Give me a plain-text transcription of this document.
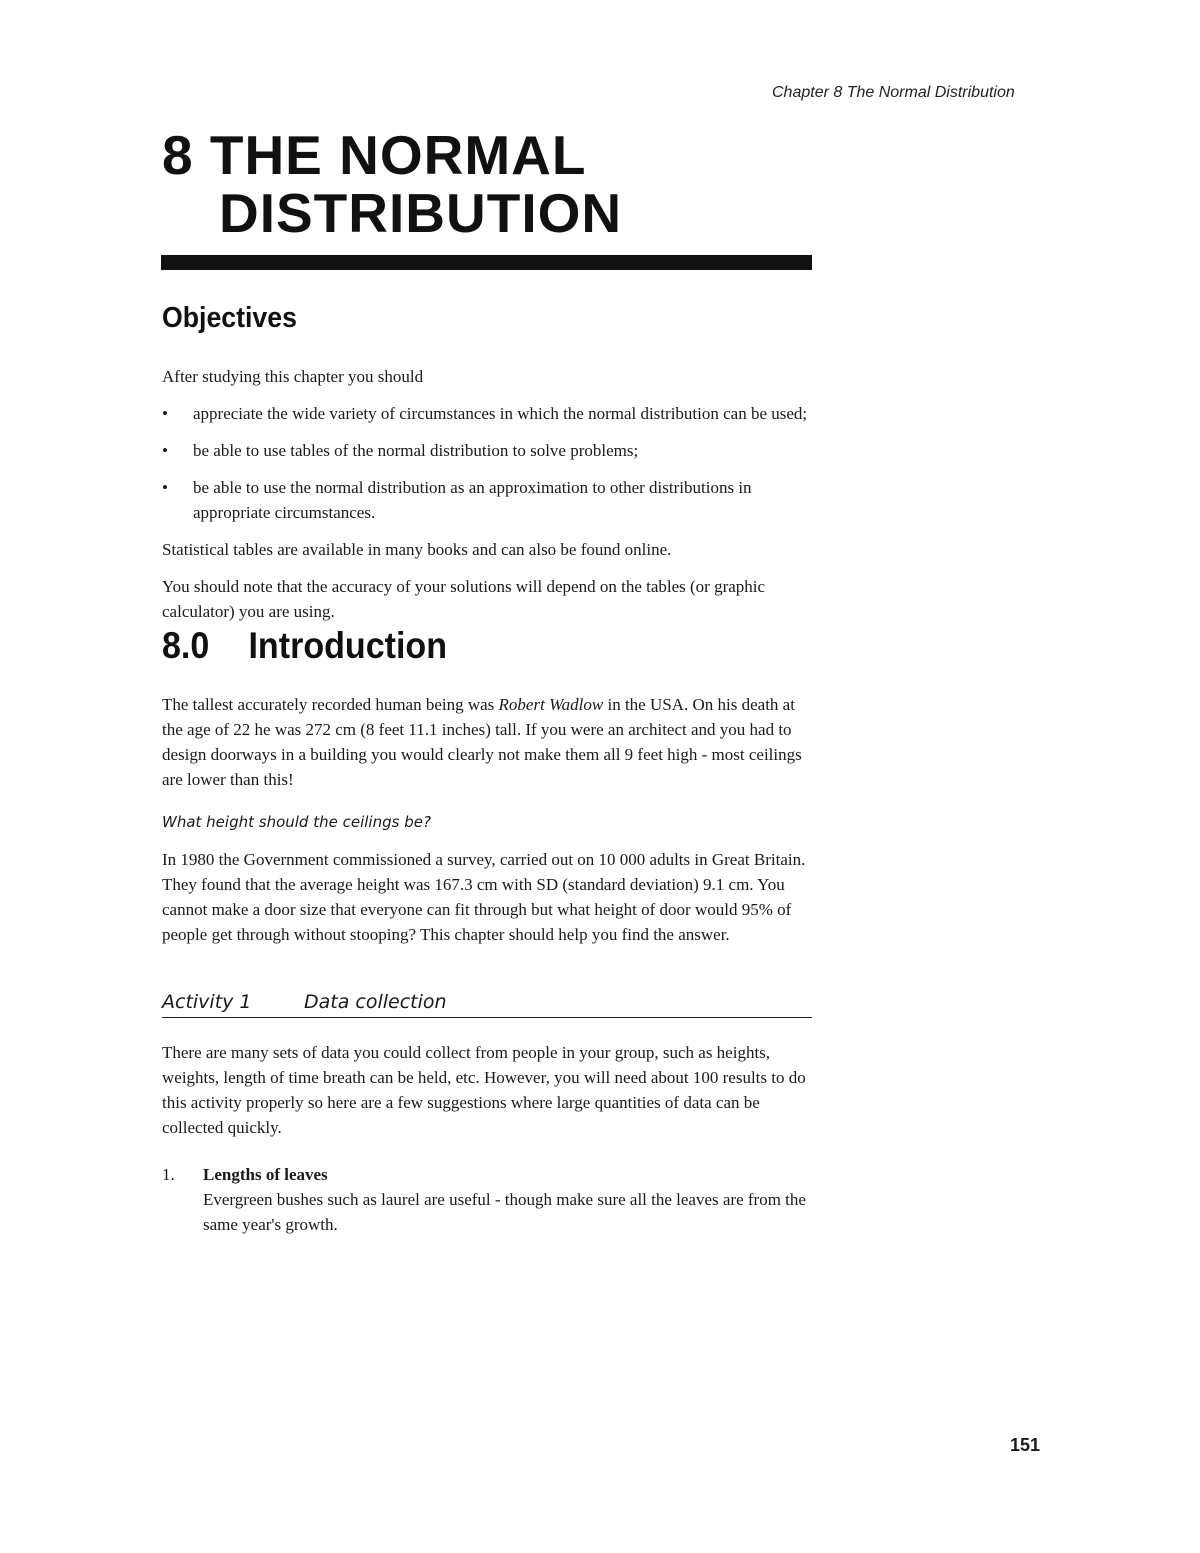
Chapter 8 The Normal Distribution
8 THE NORMAL
DISTRIBUTION
Objectives

After studying this chapter you should

• appreciate the wide variety of circumstances in which the normal distribution can be used;
• be able to use tables of the normal distribution to solve problems;
• be able to use the normal distribution as an approximation to other distributions in appropriate circumstances.

Statistical tables are available in many books and can also be found online.

You should note that the accuracy of your solutions will depend on the tables (or graphic calculator) you are using.

8.0 Introduction

The tallest accurately recorded human being was Robert Wadlow in the USA. On his death at the age of 22 he was 272 cm (8 feet 11.1 inches) tall. If you were an architect and you had to design doorways in a building you would clearly not make them all 9 feet high - most ceilings are lower than this!

What height should the ceilings be?

In 1980 the Government commissioned a survey, carried out on 10 000 adults in Great Britain. They found that the average height was 167.3 cm with SD (standard deviation) 9.1 cm. You cannot make a door size that everyone can fit through but what height of door would 95% of people get through without stooping? This chapter should help you find the answer.

Activity 1	Data collection

There are many sets of data you could collect from people in your group, such as heights, weights, length of time breath can be held, etc. However, you will need about 100 results to do this activity properly so here are a few suggestions where large quantities of data can be collected quickly.

1. Lengths of leaves
Evergreen bushes such as laurel are useful - though make sure all the leaves are from the same year's growth.
151
